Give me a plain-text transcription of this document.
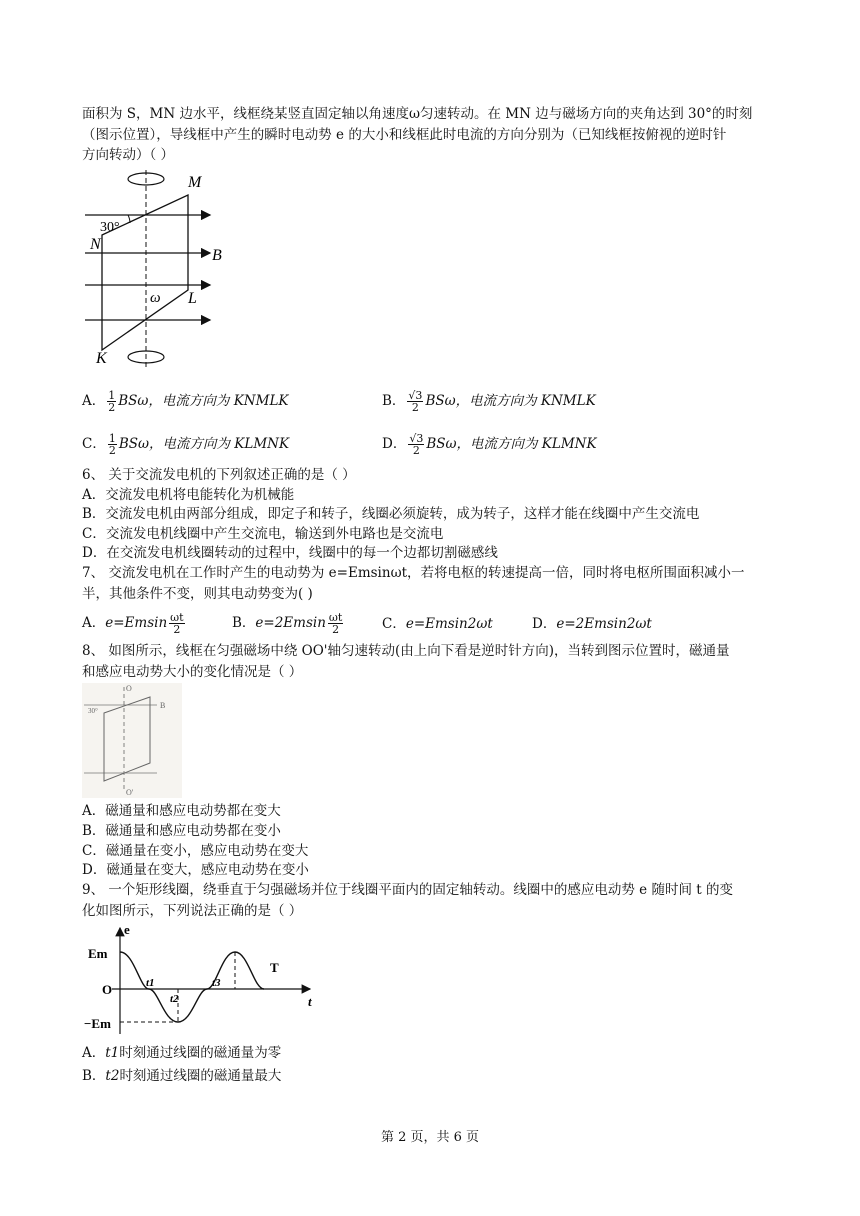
面积为 S，MN 边水平，线框绕某竖直固定轴以角速度ω匀速转动。在 MN 边与磁场方向的夹角达到 30°的时刻
（图示位置），导线框中产生的瞬时电动势 e 的大小和线框此时电流的方向分别为（已知线框按俯视的逆时针
方向转动）（ ）
M
N
B
L
K
ω
30°
A． $\frac{1}{2}$ BSω，电流方向为 KNMLK	B． $\frac{√3}{2}$ BSω，电流方向为 KNMLK
C． $\frac{1}{2}$ BSω，电流方向为 KLMNK	D． $\frac{√3}{2}$ BSω，电流方向为 KLMNK
6、 关于交流发电机的下列叙述正确的是（ ）
A．交流发电机将电能转化为机械能
B．交流发电机由两部分组成，即定子和转子，线圈必须旋转，成为转子，这样才能在线圈中产生交流电
C．交流发电机线圈中产生交流电，输送到外电路也是交流电
D．在交流发电机线圈转动的过程中，线圈中的每一个边都切割磁感线
7、 交流发电机在工作时产生的电动势为 e=Emsinωt，若将电枢的转速提高一倍，同时将电枢所围面积减小一
半，其他条件不变，则其电动势变为( )
A．$e=Emsin \frac{\omega t}{2}$	B．$e=2Emsin \frac{\omega t}{2}$	C．e=Emsin2ωt	D．e=2Emsin2ωt
8、 如图所示，线框在匀强磁场中绕 OO'轴匀速转动(由上向下看是逆时针方向)，当转到图示位置时，磁通量
和感应电动势大小的变化情况是（ ）
O
O'
B
30°
A．磁通量和感应电动势都在变大
B．磁通量和感应电动势都在变小
C．磁通量在变小，感应电动势在变大
D．磁通量在变大，感应电动势在变小
9、 一个矩形线圈，绕垂直于匀强磁场并位于线圈平面内的固定轴转动。线圈中的感应电动势 e 随时间 t 的变
化如图所示，下列说法正确的是（ ）
e
Em
−Em
O
t
t1
t2
t3
T
A．t1时刻通过线圈的磁通量为零
B．t2时刻通过线圈的磁通量最大
第 2 页，共 6 页
